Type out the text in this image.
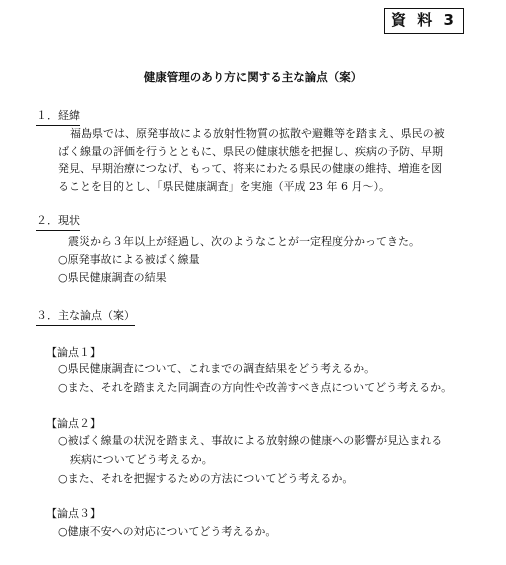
資 料 3
健康管理のあり方に関する主な論点（案）
１．経緯
福島県では、原発事故による放射性物質の拡散や避難等を踏まえ、県民の被
ばく線量の評価を行うとともに、県民の健康状態を把握し、疾病の予防、早期
発見、早期治療につなげ、もって、将来にわたる県民の健康の維持、増進を図
ることを目的とし、「県民健康調査」を実施（平成 23 年 6 月～）。
２．現状
震災から３年以上が経過し、次のようなことが一定程度分かってきた。
○原発事故による被ばく線量
○県民健康調査の結果
３．主な論点（案）
【論点１】
○県民健康調査について、これまでの調査結果をどう考えるか。
○また、それを踏まえた同調査の方向性や改善すべき点についてどう考えるか。
【論点２】
○被ばく線量の状況を踏まえ、事故による放射線の健康への影響が見込まれる
疾病についてどう考えるか。
○また、それを把握するための方法についてどう考えるか。
【論点３】
○健康不安への対応についてどう考えるか。
